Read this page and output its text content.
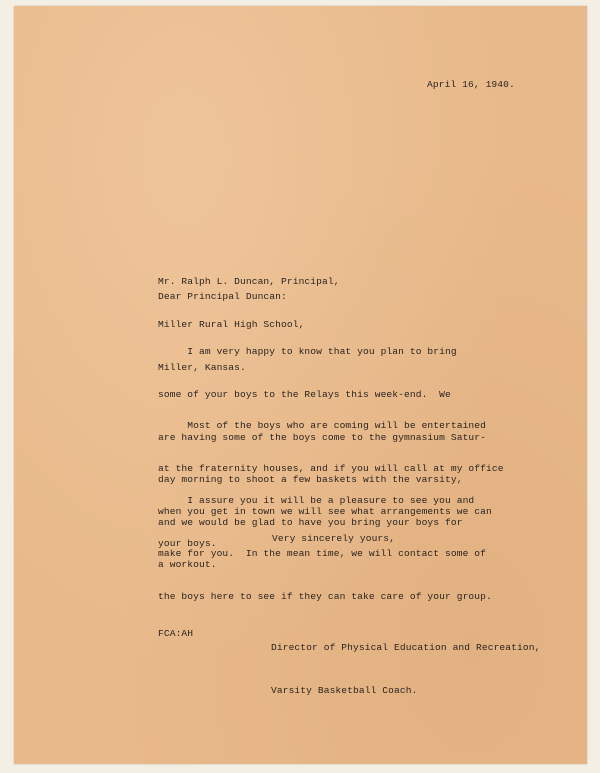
April 16, 1940.

Mr. Ralph L. Duncan, Principal,

Miller Rural High School,

Miller, Kansas.

Dear Principal Duncan:

I am very happy to know that you plan to bring

some of your boys to the Relays this week-end.  We

are having some of the boys come to the gymnasium Satur-

day morning to shoot a few baskets with the varsity,

and we would be glad to have you bring your boys for

a workout.

Most of the boys who are coming will be entertained

at the fraternity houses, and if you will call at my office

when you get in town we will see what arrangements we can

make for you.  In the mean time, we will contact some of

the boys here to see if they can take care of your group.

I assure you it will be a pleasure to see you and

your boys.

	Very sincerely yours,

Director of Physical Education and Recreation,

Varsity Basketball Coach.

FCA:AH
